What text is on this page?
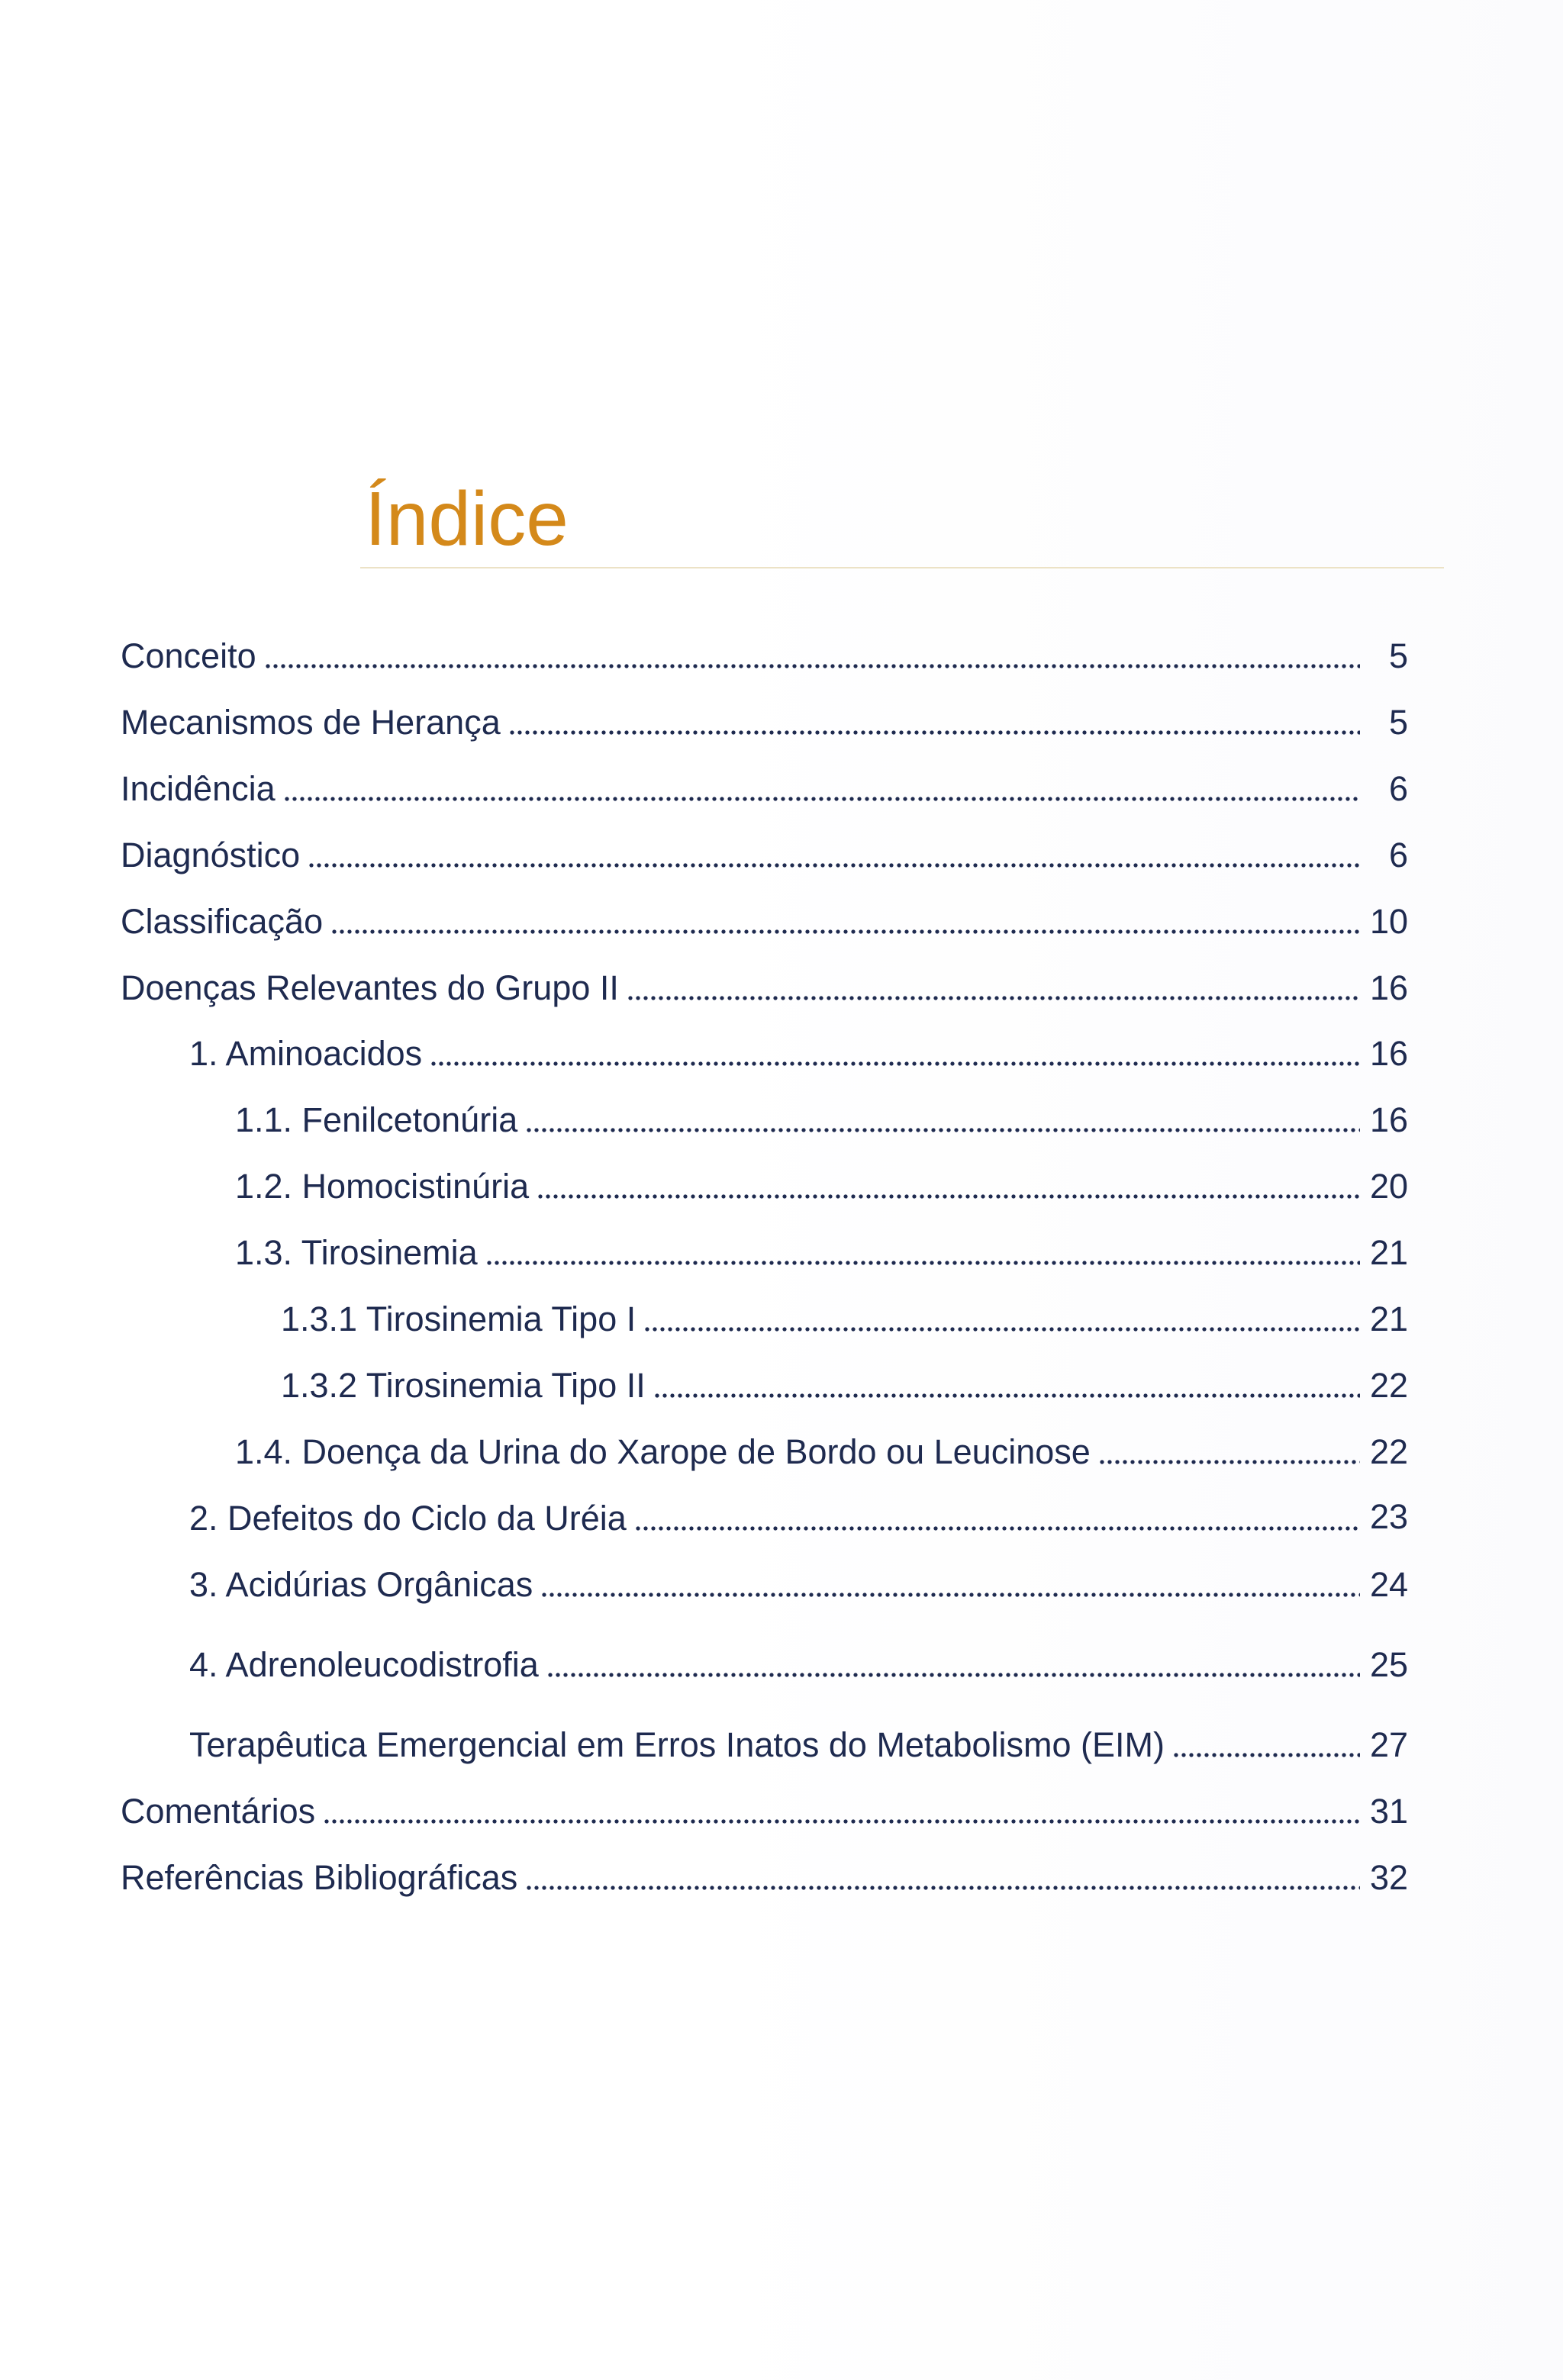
Índice
Conceito	5
Mecanismos de Herança	5
Incidência	6
Diagnóstico	6
Classificação	10
Doenças Relevantes do Grupo II	16
1. Aminoacidos	16
1.1. Fenilcetonúria	16
1.2. Homocistinúria	20
1.3. Tirosinemia	21
1.3.1 Tirosinemia Tipo I	21
1.3.2 Tirosinemia Tipo II	22
1.4. Doença da Urina do Xarope de Bordo ou Leucinose	22
2. Defeitos do Ciclo da Uréia	23
3. Acidúrias Orgânicas	24
4. Adrenoleucodistrofia	25
Terapêutica Emergencial em Erros Inatos do Metabolismo (EIM)	27
Comentários	31
Referências Bibliográficas	32
